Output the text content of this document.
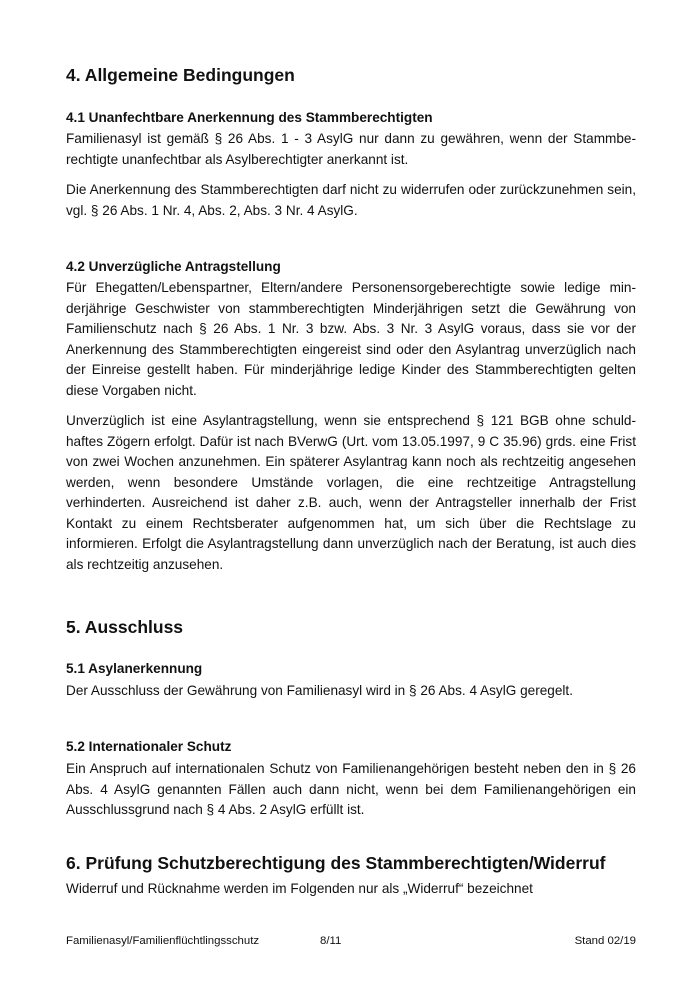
4. Allgemeine Bedingungen
4.1 Unanfechtbare Anerkennung des Stammberechtigten

Familienasyl ist gemäß § 26 Abs. 1 - 3 AsylG nur dann zu gewähren, wenn der Stammberechtigte unanfechtbar als Asylberechtigter anerkannt ist.

Die Anerkennung des Stammberechtigten darf nicht zu widerrufen oder zurückzunehmen sein, vgl. § 26 Abs. 1 Nr. 4, Abs. 2, Abs. 3 Nr. 4 AsylG.

4.2 Unverzügliche Antragstellung

Für Ehegatten/Lebenspartner, Eltern/andere Personensorgeberechtigte sowie ledige minderjährige Geschwister von stammberechtigten Minderjährigen setzt die Gewährung von Familienschutz nach § 26 Abs. 1 Nr. 3 bzw. Abs. 3 Nr. 3 AsylG voraus, dass sie vor der Anerkennung des Stammberechtigten eingereist sind oder den Asylantrag unverzüglich nach der Einreise gestellt haben. Für minderjährige ledige Kinder des Stammberechtigten gelten diese Vorgaben nicht.

Unverzüglich ist eine Asylantragstellung, wenn sie entsprechend § 121 BGB ohne schuldhaftes Zögern erfolgt. Dafür ist nach BVerwG (Urt. vom 13.05.1997, 9 C 35.96) grds. eine Frist von zwei Wochen anzunehmen. Ein späterer Asylantrag kann noch als rechtzeitig angesehen werden, wenn besondere Umstände vorlagen, die eine rechtzeitige Antragstellung verhinderten. Ausreichend ist daher z.B. auch, wenn der Antragsteller innerhalb der Frist Kontakt zu einem Rechtsberater aufgenommen hat, um sich über die Rechtslage zu informieren. Erfolgt die Asylantragstellung dann unverzüglich nach der Beratung, ist auch dies als rechtzeitig anzusehen.

5. Ausschluss
5.1 Asylanerkennung

Der Ausschluss der Gewährung von Familienasyl wird in § 26 Abs. 4 AsylG geregelt.

5.2 Internationaler Schutz

Ein Anspruch auf internationalen Schutz von Familienangehörigen besteht neben den in § 26 Abs. 4 AsylG genannten Fällen auch dann nicht, wenn bei dem Familienangehörigen ein Ausschlussgrund nach § 4 Abs. 2 AsylG erfüllt ist.

6. Prüfung Schutzberechtigung des Stammberechtigten/Widerruf

Widerruf und Rücknahme werden im Folgenden nur als „Widerruf“ bezeichnet

Familienasyl/Familienflüchtlingsschutz	8/11	Stand 02/19
